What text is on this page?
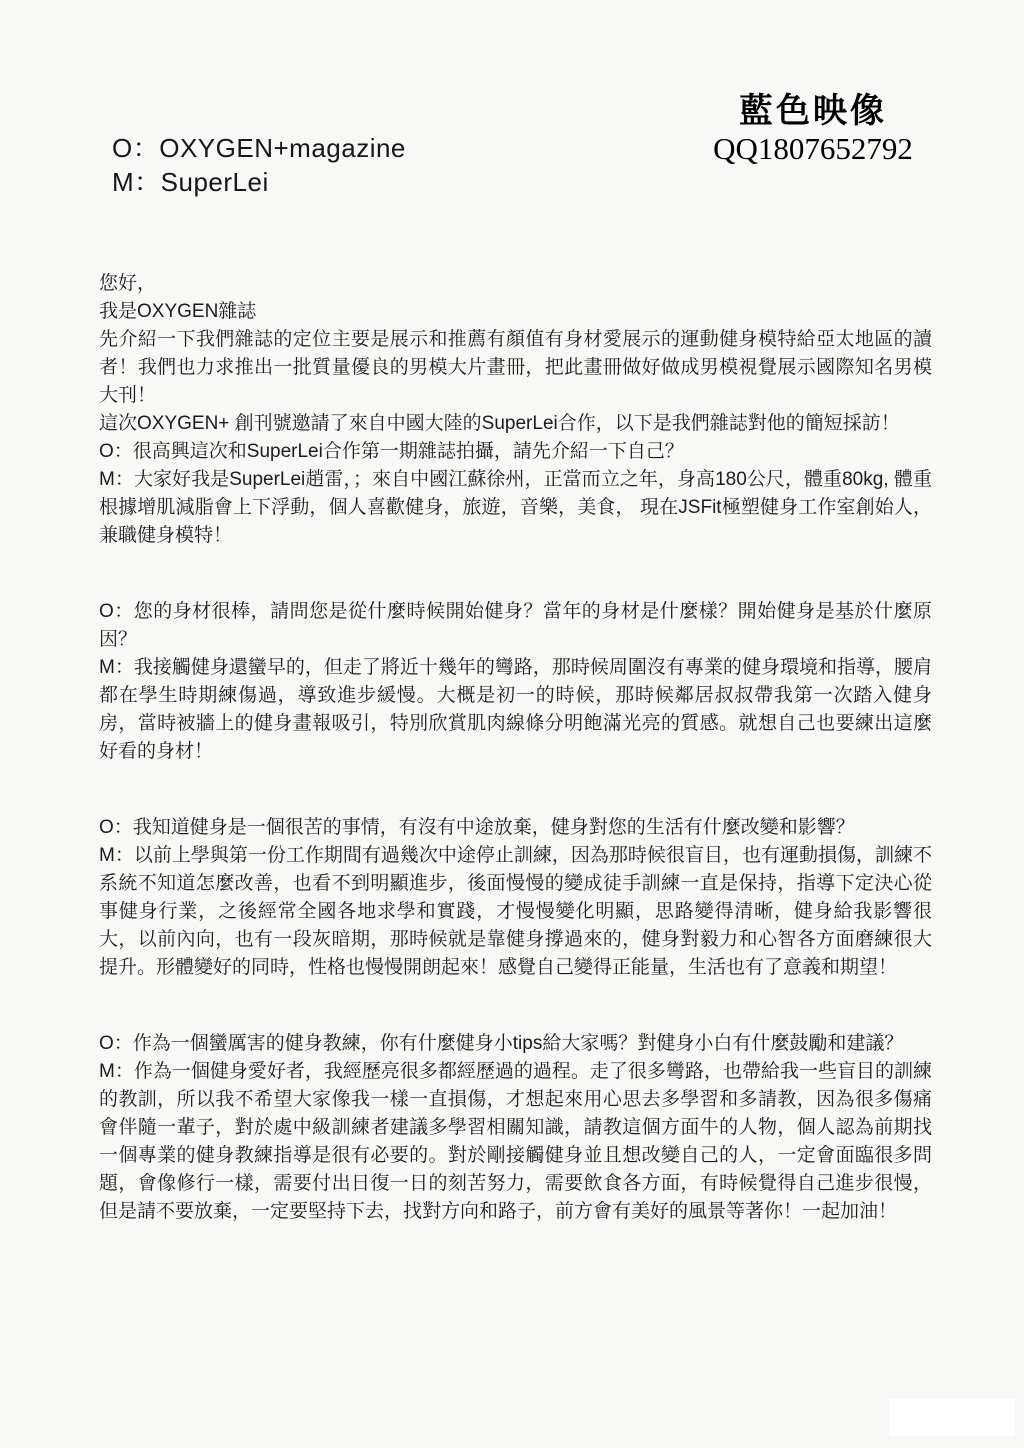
藍色映像
QQ1807652792
O：OXYGEN+magazine
M：SuperLei

您好，
我是OXYGEN雜誌

先介紹一下我們雜誌的定位主要是展示和推薦有顏值有身材愛展示的運動健身模特給亞太地區的讀者！我們也力求推出一批質量優良的男模大片畫冊，把此畫冊做好做成男模視覺展示國際知名男模大刊！

這次OXYGEN+ 創刊號邀請了來自中國大陸的SuperLei合作，以下是我們雜誌對他的簡短採訪！

O：很高興這次和SuperLei合作第一期雜誌拍攝，請先介紹一下自己？

M：大家好我是SuperLei趙雷，；來自中國江蘇徐州，正當而立之年，身高180公尺，體重80kg, 體重根據增肌減脂會上下浮動，個人喜歡健身，旅遊，音樂，美食， 現在JSFit極塑健身工作室創始人，兼職健身模特！

O：您的身材很棒，請問您是從什麼時候開始健身？當年的身材是什麼樣？開始健身是基於什麼原因？

M：我接觸健身還蠻早的，但走了將近十幾年的彎路，那時候周圍沒有專業的健身環境和指導，腰肩都在學生時期練傷過，導致進步緩慢。大概是初一的時候，那時候鄰居叔叔帶我第一次踏入健身房，當時被牆上的健身畫報吸引，特別欣賞肌肉線條分明飽滿光亮的質感。就想自己也要練出這麼好看的身材！

O：我知道健身是一個很苦的事情，有沒有中途放棄，健身對您的生活有什麼改變和影響？

M：以前上學與第一份工作期間有過幾次中途停止訓練，因為那時候很盲目，也有運動損傷，訓練不系統不知道怎麼改善，也看不到明顯進步，後面慢慢的變成徒手訓練一直是保持，指導下定決心從事健身行業，之後經常全國各地求學和實踐，才慢慢變化明顯，思路變得清晰，健身給我影響很大，以前內向，也有一段灰暗期，那時候就是靠健身撐過來的，健身對毅力和心智各方面磨練很大提升。形體變好的同時，性格也慢慢開朗起來！感覺自己變得正能量，生活也有了意義和期望！

O：作為一個蠻厲害的健身教練，你有什麼健身小tips給大家嗎？對健身小白有什麼鼓勵和建議？

M：作為一個健身愛好者，我經歷亮很多都經歷過的過程。走了很多彎路，也帶給我一些盲目的訓練的教訓，所以我不希望大家像我一樣一直損傷，才想起來用心思去多學習和多請教，因為很多傷痛會伴隨一輩子，對於處中級訓練者建議多學習相關知識，請教這個方面牛的人物，個人認為前期找一個專業的健身教練指導是很有必要的。對於剛接觸健身並且想改變自己的人，一定會面臨很多問題，會像修行一樣，需要付出日復一日的刻苦努力，需要飲食各方面，有時候覺得自己進步很慢，但是請不要放棄，一定要堅持下去，找對方向和路子，前方會有美好的風景等著你！一起加油！
